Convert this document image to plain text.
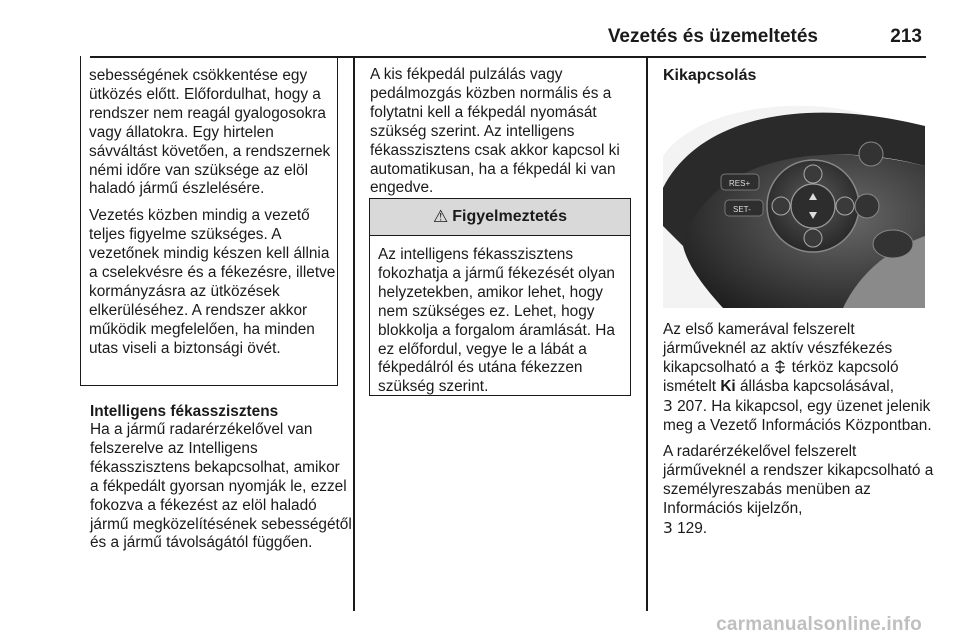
Vezetés és üzemeltetés	213

sebességének csökkentése egy ütközés előtt. Előfordulhat, hogy a rendszer nem reagál gyalogosokra vagy állatokra. Egy hirtelen sávváltást követően, a rendszernek némi időre van szüksége az elöl haladó jármű észlelésére.

Vezetés közben mindig a vezető teljes figyelme szükséges. A vezetőnek mindig készen kell állnia a cselekvésre és a fékezésre, illetve kormányzásra az ütközések elkerüléséhez. A rendszer akkor működik megfelelően, ha minden utas viseli a biztonsági övét.

Intelligens fékasszisztens

Ha a jármű radarérzékelővel van felszerelve az Intelligens fékasszisztens bekapcsolhat, amikor a fékpedált gyorsan nyomják le, ezzel fokozva a fékezést az elöl haladó jármű megközelítésének sebességétől és a jármű távolságától függően.

A kis fékpedál pulzálás vagy pedálmozgás közben normális és a folytatni kell a fékpedál nyomását szükség szerint. Az intelligens fékasszisztens csak akkor kapcsol ki automatikusan, ha a fékpedál ki van engedve.

⚠ Figyelmeztetés

Az intelligens fékasszisztens fokozhatja a jármű fékezését olyan helyzetekben, amikor lehet, hogy nem szükséges ez. Lehet, hogy blokkolja a forgalom áramlását. Ha ez előfordul, vegye le a lábát a fékpedálról és utána fékezzen szükség szerint.

Kikapcsolás

RES+
SET-

Az első kamerával felszerelt járműveknél az aktív vészfékezés kikapcsolható a térköz kapcsoló ismételt Ki állásba kapcsolásával,
3 207. Ha kikapcsol, egy üzenet jelenik meg a Vezető Információs Központban.

A radarérzékelővel felszerelt járműveknél a rendszer kikapcsolható a személyreszabás menüben az Információs kijelzőn,
3 129.

carmanualsonline.info
